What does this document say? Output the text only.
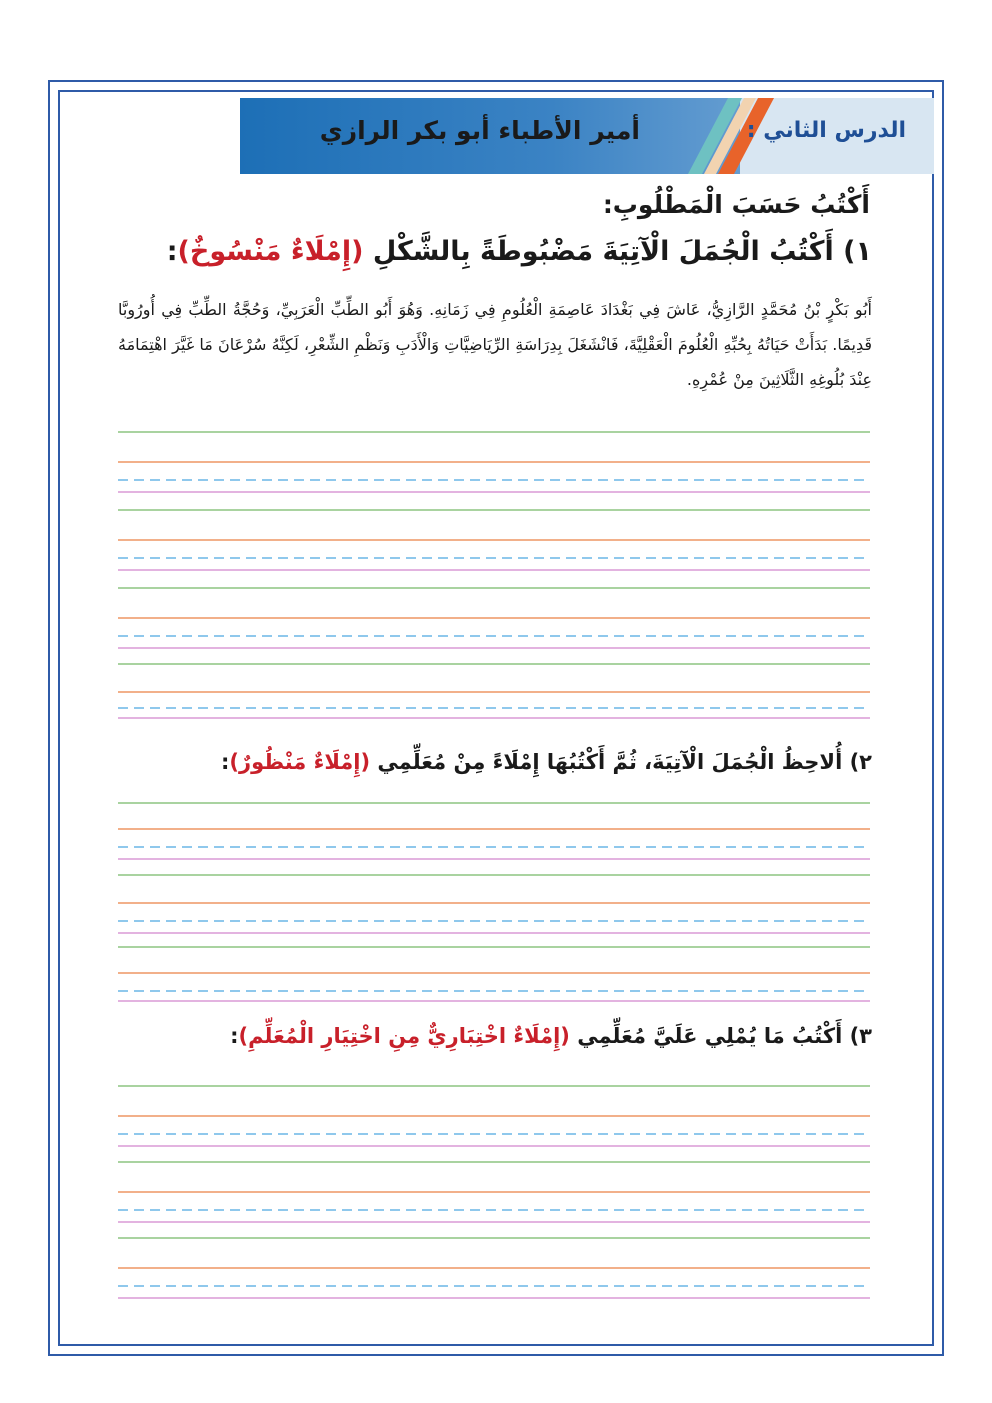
الدرس الثاني :
أمير الأطباء أبو بكر الرازي
أَكْتُبُ حَسَبَ الْمَطْلُوبِ:
١) أَكْتُبُ الْجُمَلَ الْآتِيَةَ مَضْبُوطَةً بِالشَّكْلِ (إِمْلَاءٌ مَنْسُوخٌ):
أَبُو بَكْرٍ بْنُ مُحَمَّدٍ الرَّازِيُّ، عَاشَ فِي بَغْدَادَ عَاصِمَةِ الْعُلُومِ فِي زَمَانِهِ. وَهُوَ أَبُو الطِّبِّ الْعَرَبِيِّ، وَحُجَّةُ الطِّبِّ فِي أُورُوبَّا قَدِيمًا. بَدَأَتْ حَيَاتُهُ بِحُبِّهِ الْعُلُومَ الْعَقْلِيَّةَ، فَانْشَغَلَ بِدِرَاسَةِ الرِّيَاضِيَّاتِ وَالْأَدَبِ وَنَظْمِ الشِّعْرِ، لَكِنَّهُ سُرْعَانَ مَا غَيَّرَ اهْتِمَامَهُ عِنْدَ بُلُوغِهِ الثَّلَاثِينَ مِنْ عُمْرِهِ.
٢) أُلاحِظُ الْجُمَلَ الْآتِيَةَ، ثُمَّ أَكْتُبُهَا إِمْلَاءً مِنْ مُعَلِّمِي (إِمْلَاءٌ مَنْظُورٌ):
٣) أَكْتُبُ مَا يُمْلِي عَلَيَّ مُعَلِّمِي (إِمْلَاءٌ اخْتِبَارِيٌّ مِنِ اخْتِيَارِ الْمُعَلِّمِ):
